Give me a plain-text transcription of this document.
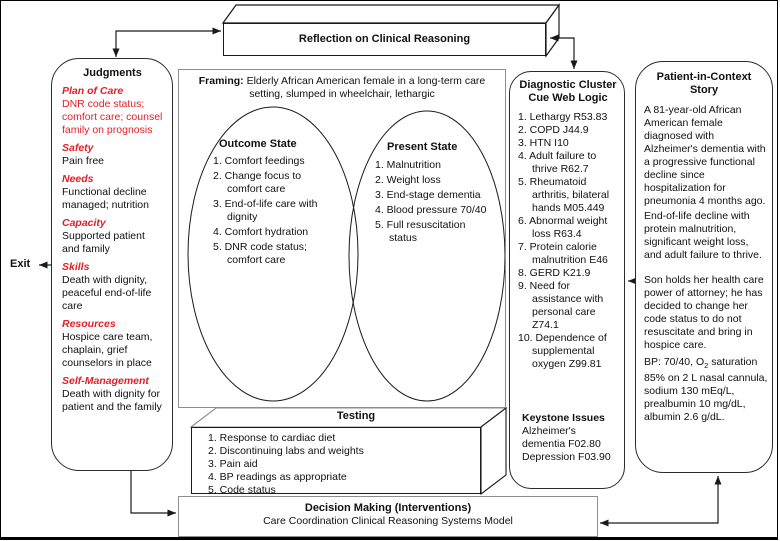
Reflection on Clinical Reasoning
Framing: Elderly African American female in a long-term care setting, slumped in wheelchair, lethargic
Outcome State
1. Comfort feedings
2. Change focus to comfort care
3. End-of-life care with dignity
4. Comfort hydration
5. DNR code status; comfort care
Present State
1. Malnutrition
2. Weight loss
3. End-stage dementia
4. Blood pressure 70/40
5. Full resuscitation status
Judgments
Plan of Care
DNR code status; comfort care; counsel family on prognosis
Safety
Pain free
Needs
Functional decline managed; nutrition
Capacity
Supported patient and family
Skills
Death with dignity, peaceful end-of-life care
Resources
Hospice care team, chaplain, grief counselors in place
Self-Management
Death with dignity for patient and the family
Exit
Diagnostic Cluster
Cue Web Logic
1. Lethargy R53.83
2. COPD J44.9
3. HTN I10
4. Adult failure to thrive R62.7
5. Rheumatoid arthritis, bilateral hands M05.449
6. Abnormal weight loss R63.4
7. Protein calorie malnutrition E46
8. GERD K21.9
9. Need for assistance with personal care Z74.1
10. Dependence of supplemental oxygen Z99.81
Keystone Issues
Alzheimer's dementia F02.80
Depression F03.90
Patient-in-Context
Story
A 81-year-old African American female diagnosed with Alzheimer's dementia with a progressive functional decline since hospitalization for pneumonia 4 months ago.
End-of-life decline with protein malnutrition, significant weight loss, and adult failure to thrive.
Son holds her health care power of attorney; he has decided to change her code status to do not resuscitate and bring in hospice care.
BP: 70/40, $O_2$ saturation 85% on 2 L nasal cannula, sodium 130 mEq/L, prealbumin 10 mg/dL, albumin 2.6 g/dL.
Testing
1. Response to cardiac diet
2. Discontinuing labs and weights
3. Pain aid
4. BP readings as appropriate
5. Code status
Decision Making (Interventions)
Care Coordination Clinical Reasoning Systems Model
